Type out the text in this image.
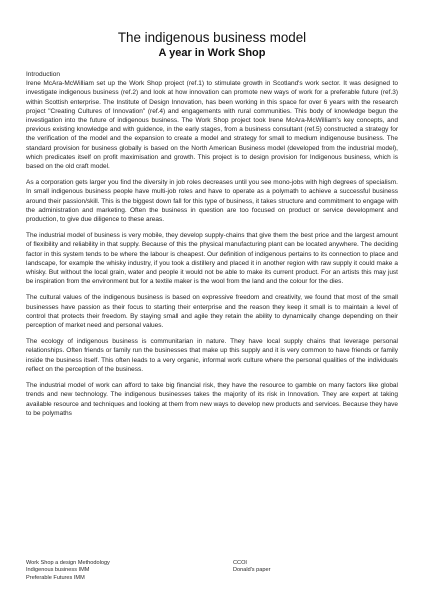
The indigenous business model
A year in Work Shop
Introduction

Irene McAra-McWilliam set up the Work Shop project (ref.1) to stimulate growth in Scotland's work sector. It was designed to investigate indigenous business (ref.2) and look at how innovation can promote new ways of work for a preferable future (ref.3) within Scottish enterprise. The Institute of Design Innovation, has been working in this space for over 6 years with the research project "Creating Cultures of Innovation" (ref.4) and engagements with rural communities. This body of knowledge begun the investigation into the future of indigenous business. The Work Shop project took Irene McAra-McWilliam's key concepts, and previous existing knowledge and with guidence, in the early stages, from a business consultant (ref.5) constructed a strategy for the verification of the model and the expansion to create a model and strategy for small to medium indigenouse business. The standard provision for business globally is based on the North American Business model (developed from the industrial model), which predicates itself on profit maximisation and growth. This project is to design provision for Indigenous business, which is based on the old craft model.

As a corporation gets larger you find the diversity in job roles decreases until you see mono-jobs with high degrees of specialism. In small indigenous business people have multi-job roles and have to operate as a polymath to achieve a successful business around their passion/skill. This is the biggest down fall for this type of business, it takes structure and commitment to engage with the administration and marketing. Often the business in question are too focused on product or service development and production, to give due diligence to these areas.

The industrial model of business is very mobile, they develop supply-chains that give them the best price and the largest amount of flexibility and reliability in that supply. Because of this the physical manufacturing plant can be located anywhere. The deciding factor in this system tends to be where the labour is cheapest. Our definition of indigenous pertains to its connection to place and landscape, for example the whisky industry, if you took a distillery and placed it in another region with raw supply it could make a whisky. But without the local grain, water and people it would not be able to make its current product. For an artists this may just be inspiration from the environment but for a textile maker is the wool from the land and the colour for the dies.

The cultural values of the indigenous business is based on expressive freedom and creativity, we found that most of the small businesses have passion as their focus to starting their enterprise and the reason they keep it small is to maintain a level of control that protects their freedom. By staying small and agile they retain the ability to dynamically change depending on their perception of market need and personal values.

The ecology of indigenous business is communitarian in nature. They have local supply chains that leverage personal relationships. Often friends or family run the businesses that make up this supply and it is very common to have friends or family inside the business itself. This often leads to a very organic, informal work culture where the personal qualities of the individuals reflect on the perception of the business.

The industrial model of work can afford to take big financial risk, they have the resource to gamble on many factors like global trends and new technology. The indigenous businesses takes the majority of its risk in Innovation. They are expert at taking available resource and techniques and looking at them from new ways to develop new products and services. Because they have to be polymaths

Work Shop a design Methodology
Indigenous business IMM
Preferable Futures IMM
CCOI
Donald's paper
